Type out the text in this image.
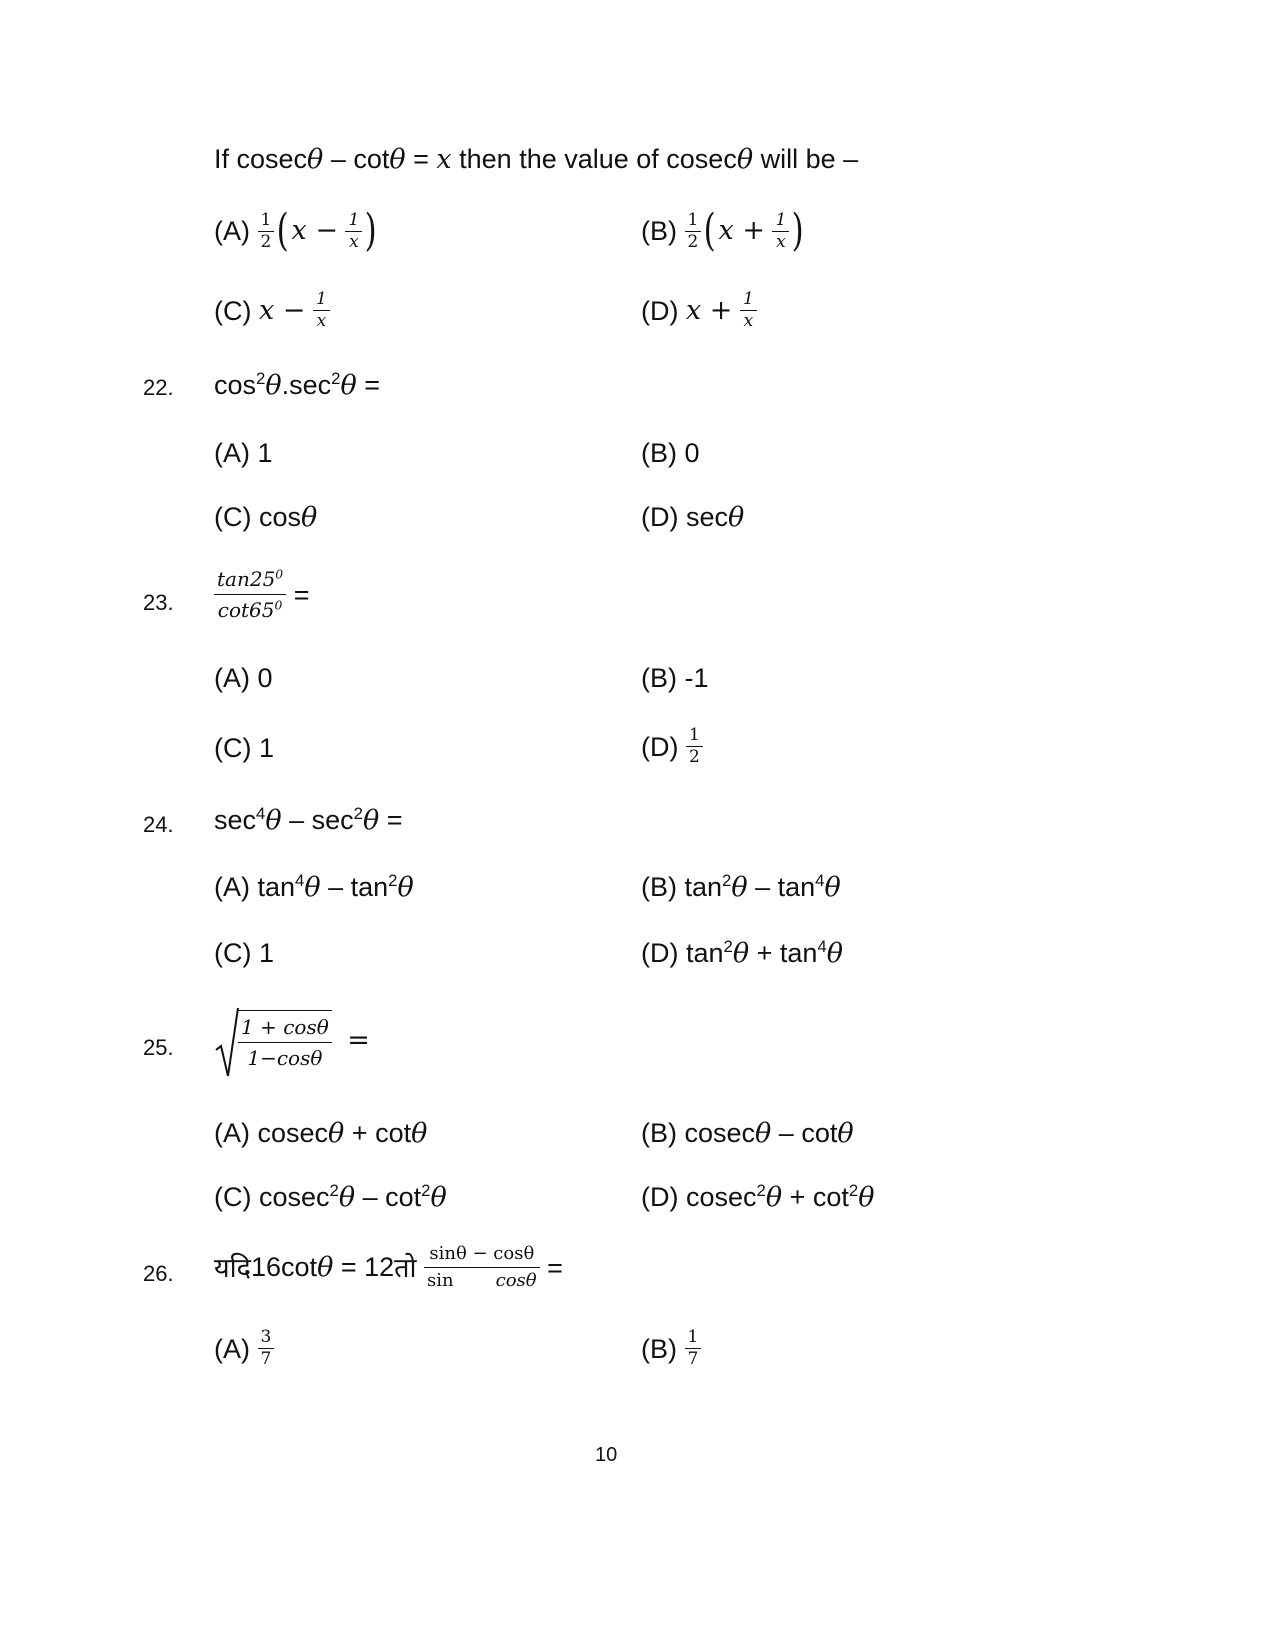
If cosecθ – cotθ = x then the value of cosecθ will be –
$(A) \frac{1}{2} (x - \frac{1}{x}$ )	$(B) \frac{1}{2} (x + \frac{1}{x}$ )
(C) $x - \frac{1}{x}$	(D) $x + \frac{1}{x}$
22. $\cos^2\theta.\sec^2\theta$ =
(A) 1	(B) 0
(C) cosθ	(D) secθ
23. $\frac{\tan 25^0}{\cot 65^0}$ =
(A) 0	(B) -1
(C) 1	$(D) \frac{1}{2}$
24. $\sec^4\theta - \sec^2\theta$ =
(A) $\tan^4\theta - \tan^2\theta$	(B) $\tan^2\theta - \tan^4\theta$
(C) 1	(D) $\tan^2\theta + \tan^4\theta$
25.	$\frac{1 + \cos\theta}{1-\cos\theta}$ =
(A) cosecθ + cotθ	(B) cosecθ – cotθ
(C) $cosec^2\theta - \cot^2\theta$	(D) $cosec^2\theta + \cot^2\theta$
26. यदि16cotθ = 12तो $\frac{\sin\theta - \cos\theta}{\text{sin cosθ}}$ =
$(A) \frac{3}{7}$	$(B) \frac{1}{7}$
10
